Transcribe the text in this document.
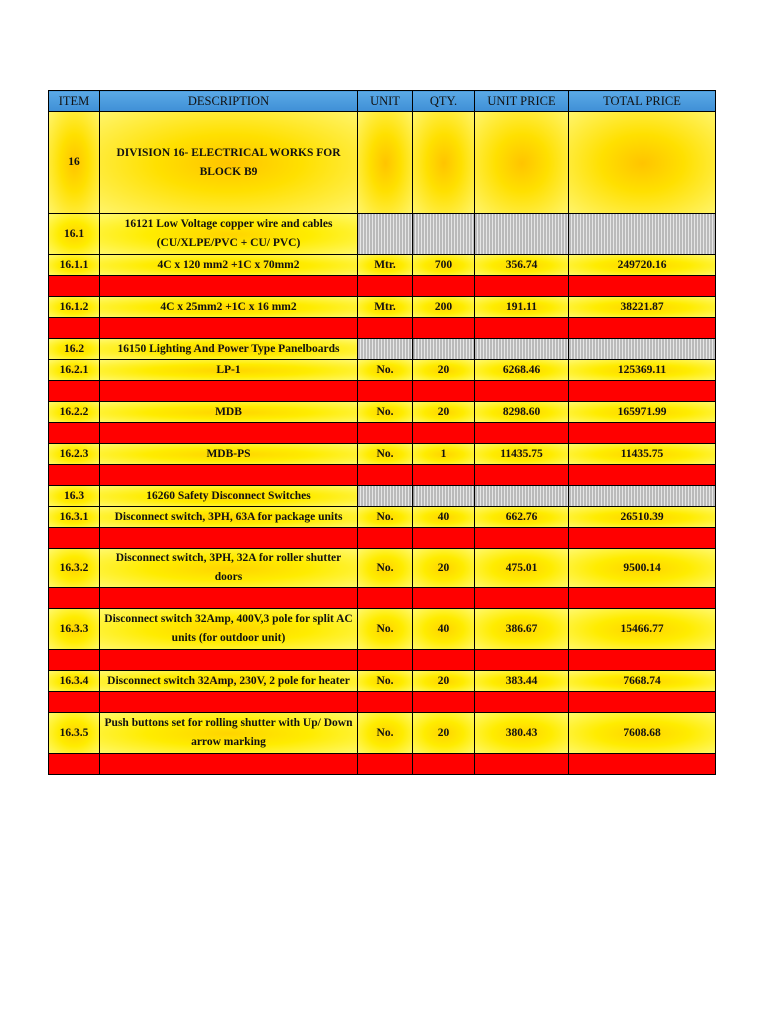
ITEM	DESCRIPTION	UNIT	QTY.	UNIT PRICE	TOTAL PRICE
16	DIVISION 16- ELECTRICAL WORKS FOR BLOCK B9				
16.1	16121 Low Voltage copper wire and cables (CU/XLPE/PVC + CU/ PVC)				
16.1.1	4C x 120 mm2 +1C x 70mm2	Mtr.	700	356.74	249720.16

16.1.2	4C x 25mm2 +1C x 16 mm2	Mtr.	200	191.11	38221.87

16.2	16150 Lighting And Power Type Panelboards				
16.2.1	LP-1	No.	20	6268.46	125369.11

16.2.2	MDB	No.	20	8298.60	165971.99

16.2.3	MDB-PS	No.	1	11435.75	11435.75

16.3	16260 Safety Disconnect Switches				
16.3.1	Disconnect switch, 3PH, 63A for package units	No.	40	662.76	26510.39

16.3.2	Disconnect switch, 3PH, 32A for roller shutter doors	No.	20	475.01	9500.14

16.3.3	Disconnect switch 32Amp, 400V,3 pole for split AC units (for outdoor unit)	No.	40	386.67	15466.77

16.3.4	Disconnect switch 32Amp, 230V, 2 pole for heater	No.	20	383.44	7668.74

16.3.5	Push buttons set for rolling shutter with Up/ Down arrow marking	No.	20	380.43	7608.68
